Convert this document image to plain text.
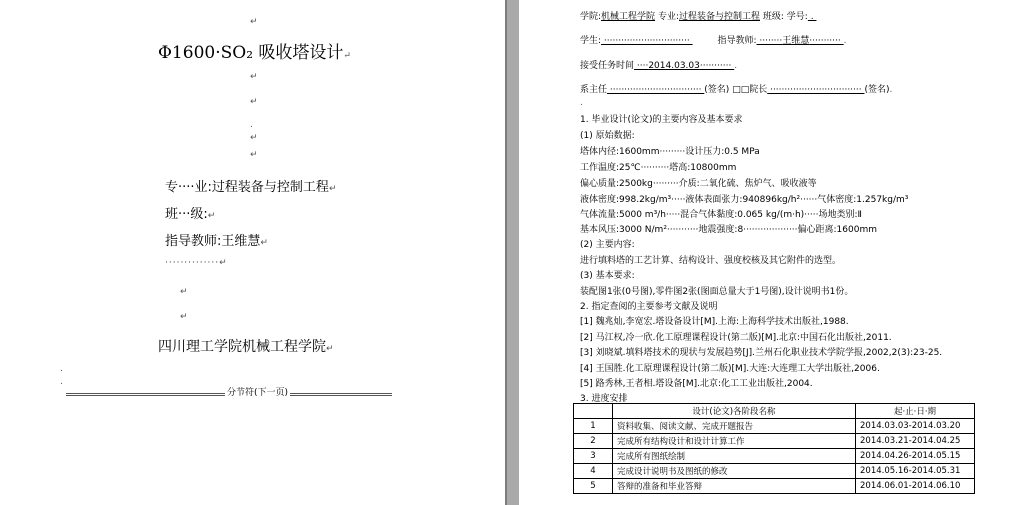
↵
Φ1600·SO₂ 吸收塔设计↵
↵
↵
.
↵
↵
专····业:过程装备与控制工程↵
班···级:↵
指导教师:王维慧↵
··············↵
↵
↵
四川理工学院机械工程学院↵
.
.
分节符(下一页)
学院:机械工程学院 专业:过程装备与控制工程 班级: 学号: .
学生: ······························	指导教师: ········王维慧··········· .
接受任务时间 ····2014.03.03··········· .
系主任 ································ (签名) □□院长 ································ (签名).
.
1. 毕业设计(论文)的主要内容及基本要求
(1) 原始数据:
塔体内径:1600mm·········设计压力:0.5 MPa
工作温度:25℃··········塔高:10800mm
偏心质量:2500kg·········介质:二氧化硫、焦炉气、吸收液等
液体密度:998.2kg/m³·····液体表面张力:940896kg/h²······气体密度:1.257kg/m³
气体流量:5000 m³/h·····混合气体黏度:0.065 kg/(m·h)·····场地类别:Ⅱ
基本风压:3000 N/m²···········地震强度:8···················偏心距离:1600mm
(2) 主要内容:
进行填料塔的工艺计算、结构设计、强度校核及其它附件的选型。
(3) 基本要求:
装配图1张(0号图),零件图2张(图面总量大于1号图),设计说明书1份。
2. 指定查阅的主要参考文献及说明
[1] 魏兆灿,李宽宏.塔设备设计[M].上海:上海科学技术出版社,1988.
[2] 马江权,冷一欣.化工原理课程设计(第二版)[M].北京:中国石化出版社,2011.
[3] 刘晓斌.填料塔技术的现状与发展趋势[J].兰州石化职业技术学院学报,2002,2(3):23-25.
[4] 王国胜.化工原理课程设计(第二版)[M].大连:大连理工大学出版社,2006.
[5] 路秀林,王者相.塔设备[M].北京:化工工业出版社,2004.
3. 进度安排
	设计(论文)各阶段名称	起·止·日·期
1	资料收集、阅读文献、完成开题报告	2014.03.03-2014.03.20
2	完成所有结构设计和设计计算工作	2014.03.21-2014.04.25
3	完成所有图纸绘制	2014.04.26-2014.05.15
4	完成设计说明书及图纸的修改	2014.05.16-2014.05.31
5	答辩的准备和毕业答辩	2014.06.01-2014.06.10
